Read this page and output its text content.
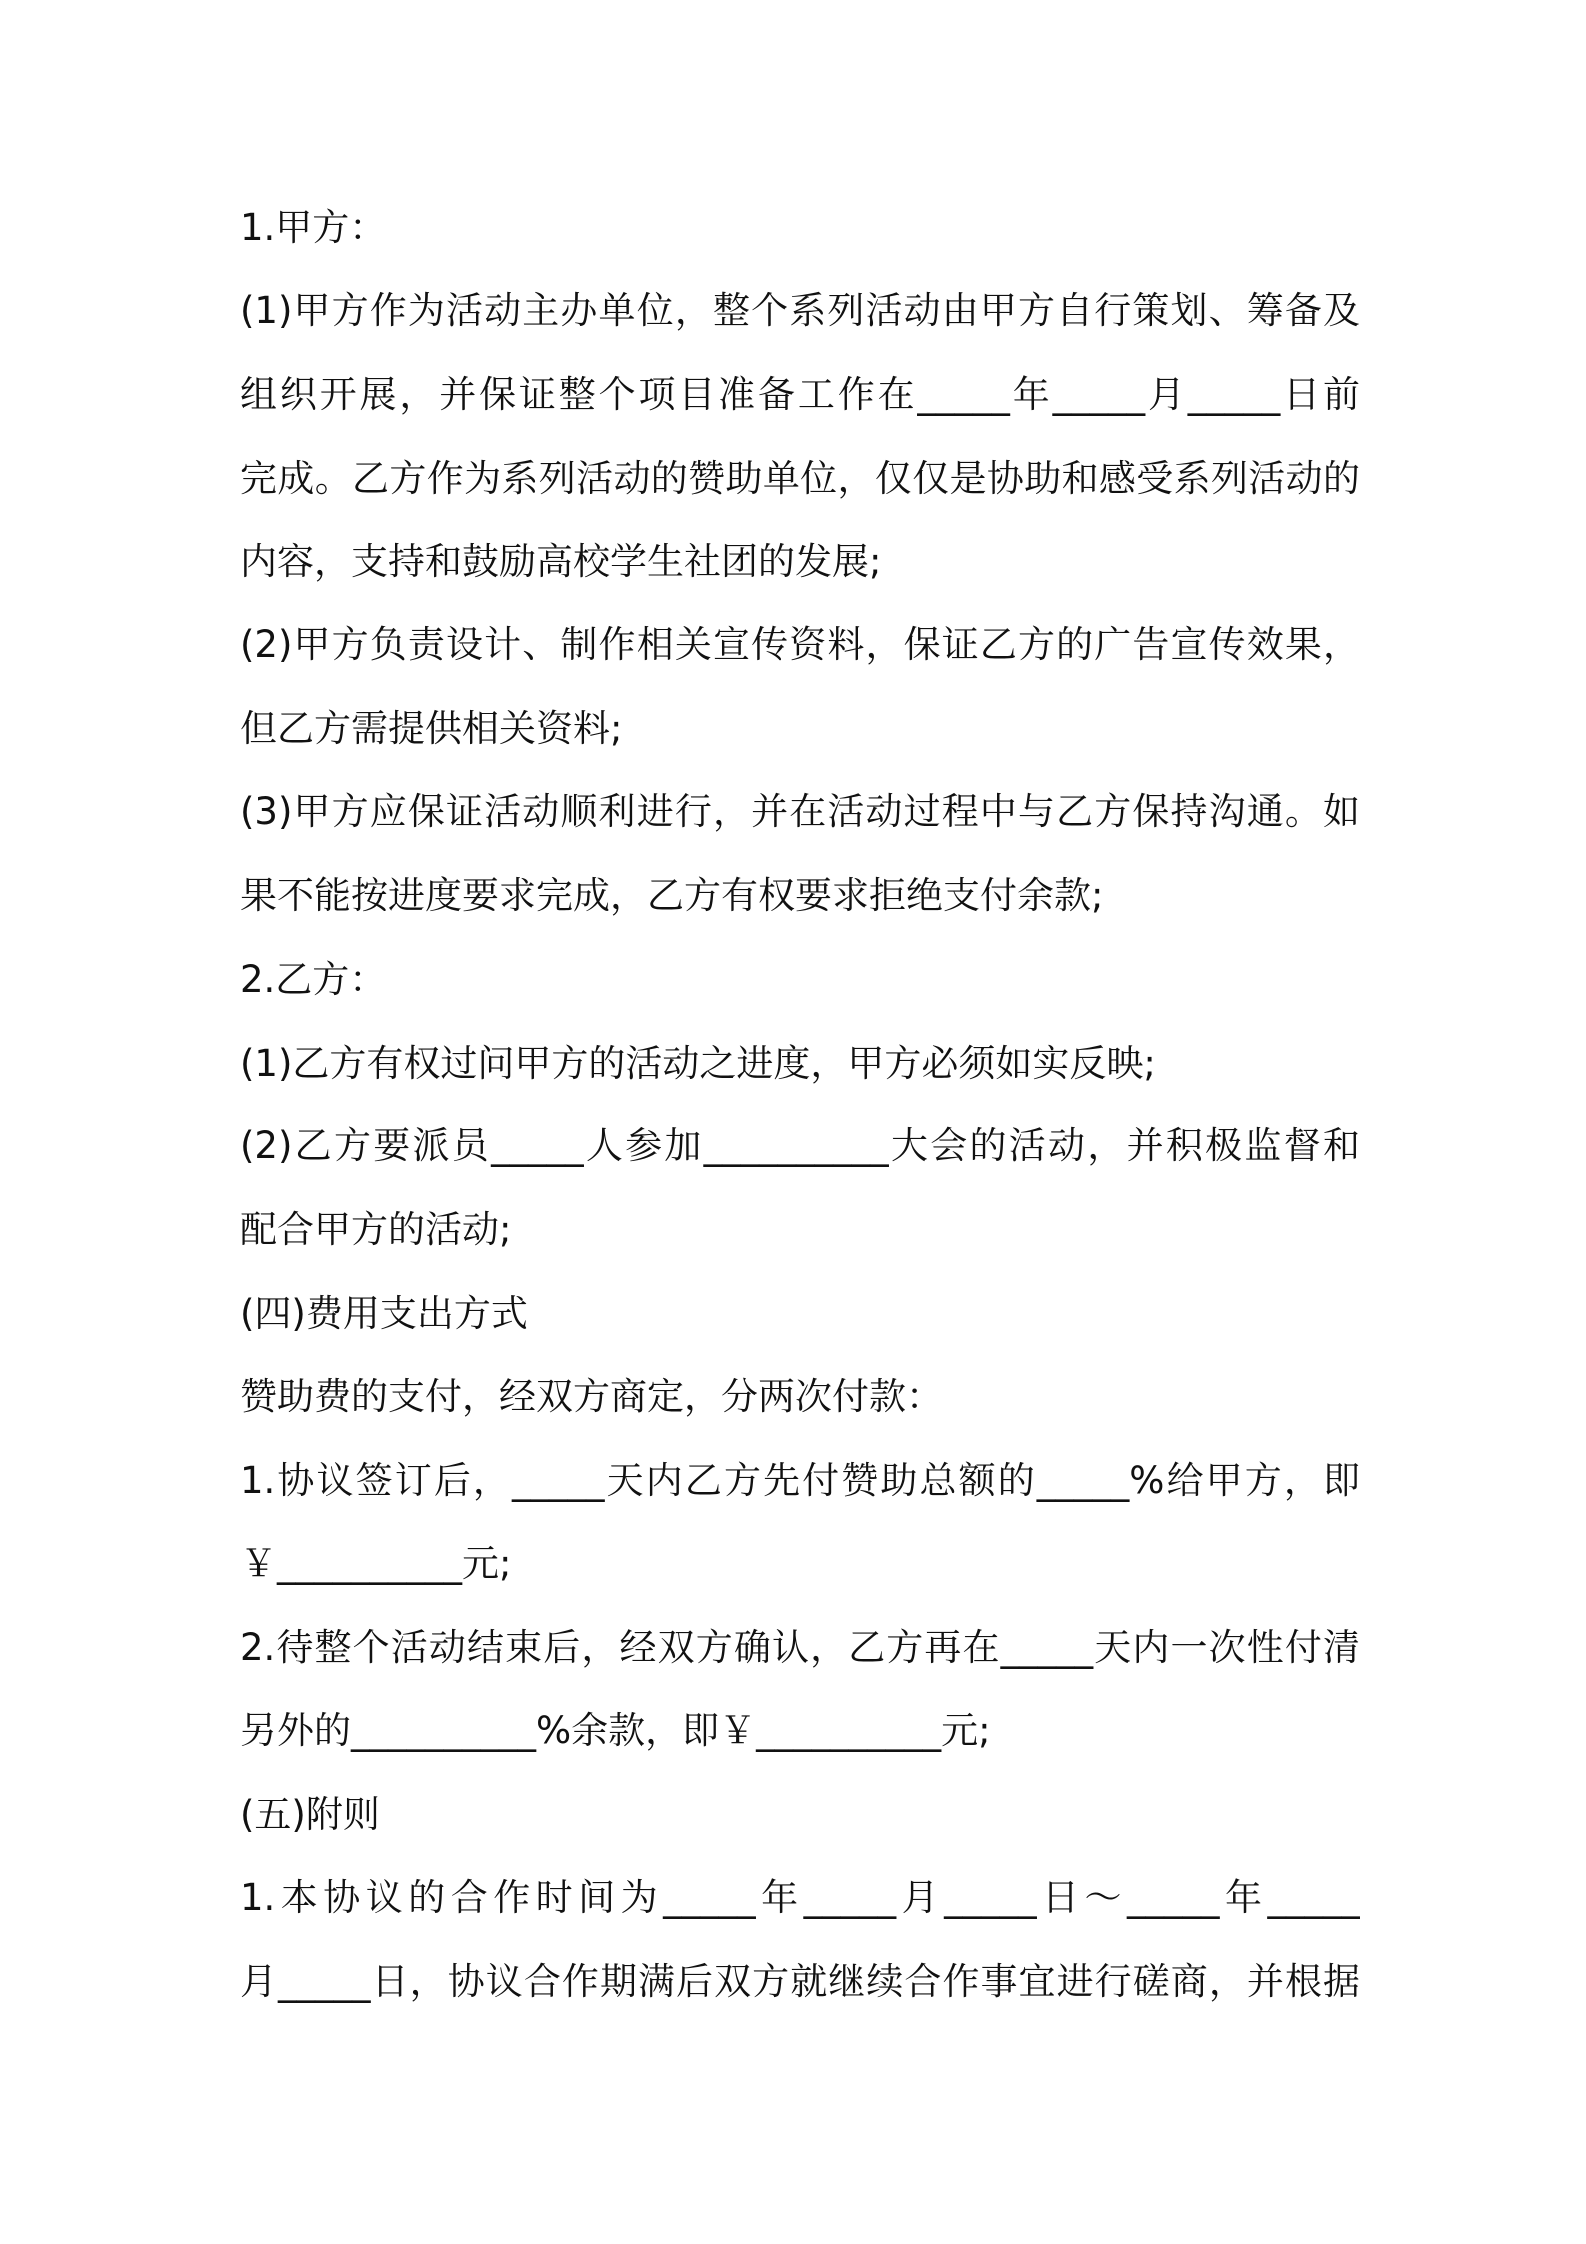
1.甲方：
(1)甲方作为活动主办单位，整个系列活动由甲方自行策划、筹备及
组织开展，并保证整个项目准备工作在_____年_____月_____日前
完成。乙方作为系列活动的赞助单位，仅仅是协助和感受系列活动的
内容，支持和鼓励高校学生社团的发展;
(2)甲方负责设计、制作相关宣传资料，保证乙方的广告宣传效果，
但乙方需提供相关资料;
(3)甲方应保证活动顺利进行，并在活动过程中与乙方保持沟通。如
果不能按进度要求完成，乙方有权要求拒绝支付余款;
2.乙方：
(1)乙方有权过问甲方的活动之进度，甲方必须如实反映;
(2)乙方要派员_____人参加__________大会的活动，并积极监督和
配合甲方的活动;
(四)费用支出方式
赞助费的支付，经双方商定，分两次付款：
1.协议签订后，_____天内乙方先付赞助总额的_____%给甲方，即
￥__________元;
2.待整个活动结束后，经双方确认，乙方再在_____天内一次性付清
另外的__________%余款，即￥__________元;
(五)附则
1.本协议的合作时间为_____年_____月_____日～_____年_____
月_____日，协议合作期满后双方就继续合作事宜进行磋商，并根据
